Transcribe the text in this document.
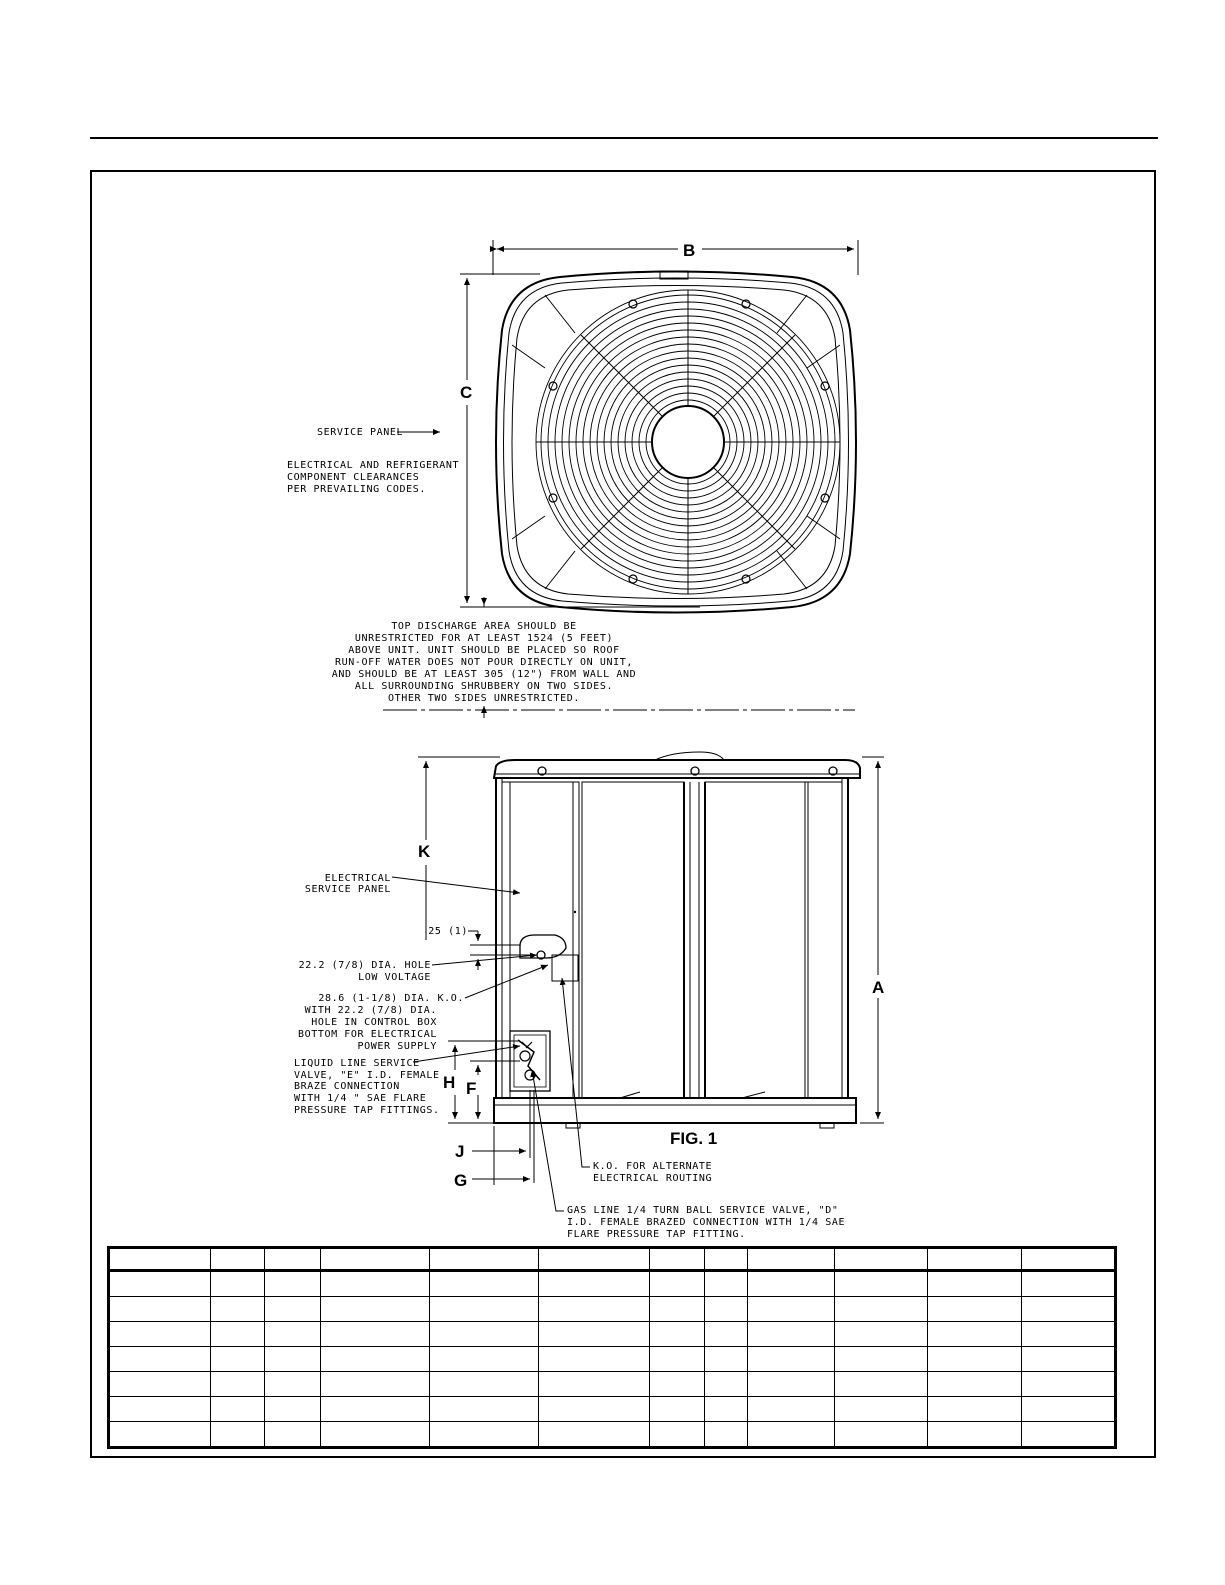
B
C
SERVICE PANEL
ELECTRICAL AND REFRIGERANT
COMPONENT CLEARANCES
PER PREVAILING CODES.
TOP DISCHARGE AREA SHOULD BE
UNRESTRICTED FOR AT LEAST 1524 (5 FEET)
ABOVE UNIT. UNIT SHOULD BE PLACED SO ROOF
RUN-OFF WATER DOES NOT POUR DIRECTLY ON UNIT,
AND SHOULD BE AT LEAST 305 (12") FROM WALL AND
ALL SURROUNDING SHRUBBERY ON TWO SIDES.
OTHER TWO SIDES UNRESTRICTED.
K
A
H F
J
G
ELECTRICAL
SERVICE PANEL
25 (1)
22.2 (7/8) DIA. HOLE
LOW VOLTAGE
28.6 (1-1/8) DIA. K.O.
WITH 22.2 (7/8) DIA.
HOLE IN CONTROL BOX
BOTTOM FOR ELECTRICAL
POWER SUPPLY
LIQUID LINE SERVICE
VALVE, "E" I.D. FEMALE
BRAZE CONNECTION
WITH 1/4 " SAE FLARE
PRESSURE TAP FITTINGS.
K.O. FOR ALTERNATE
ELECTRICAL ROUTING
GAS LINE 1/4 TURN BALL SERVICE VALVE, "D"
I.D. FEMALE BRAZED CONNECTION WITH 1/4 SAE
FLARE PRESSURE TAP FITTING.
FIG. 1
